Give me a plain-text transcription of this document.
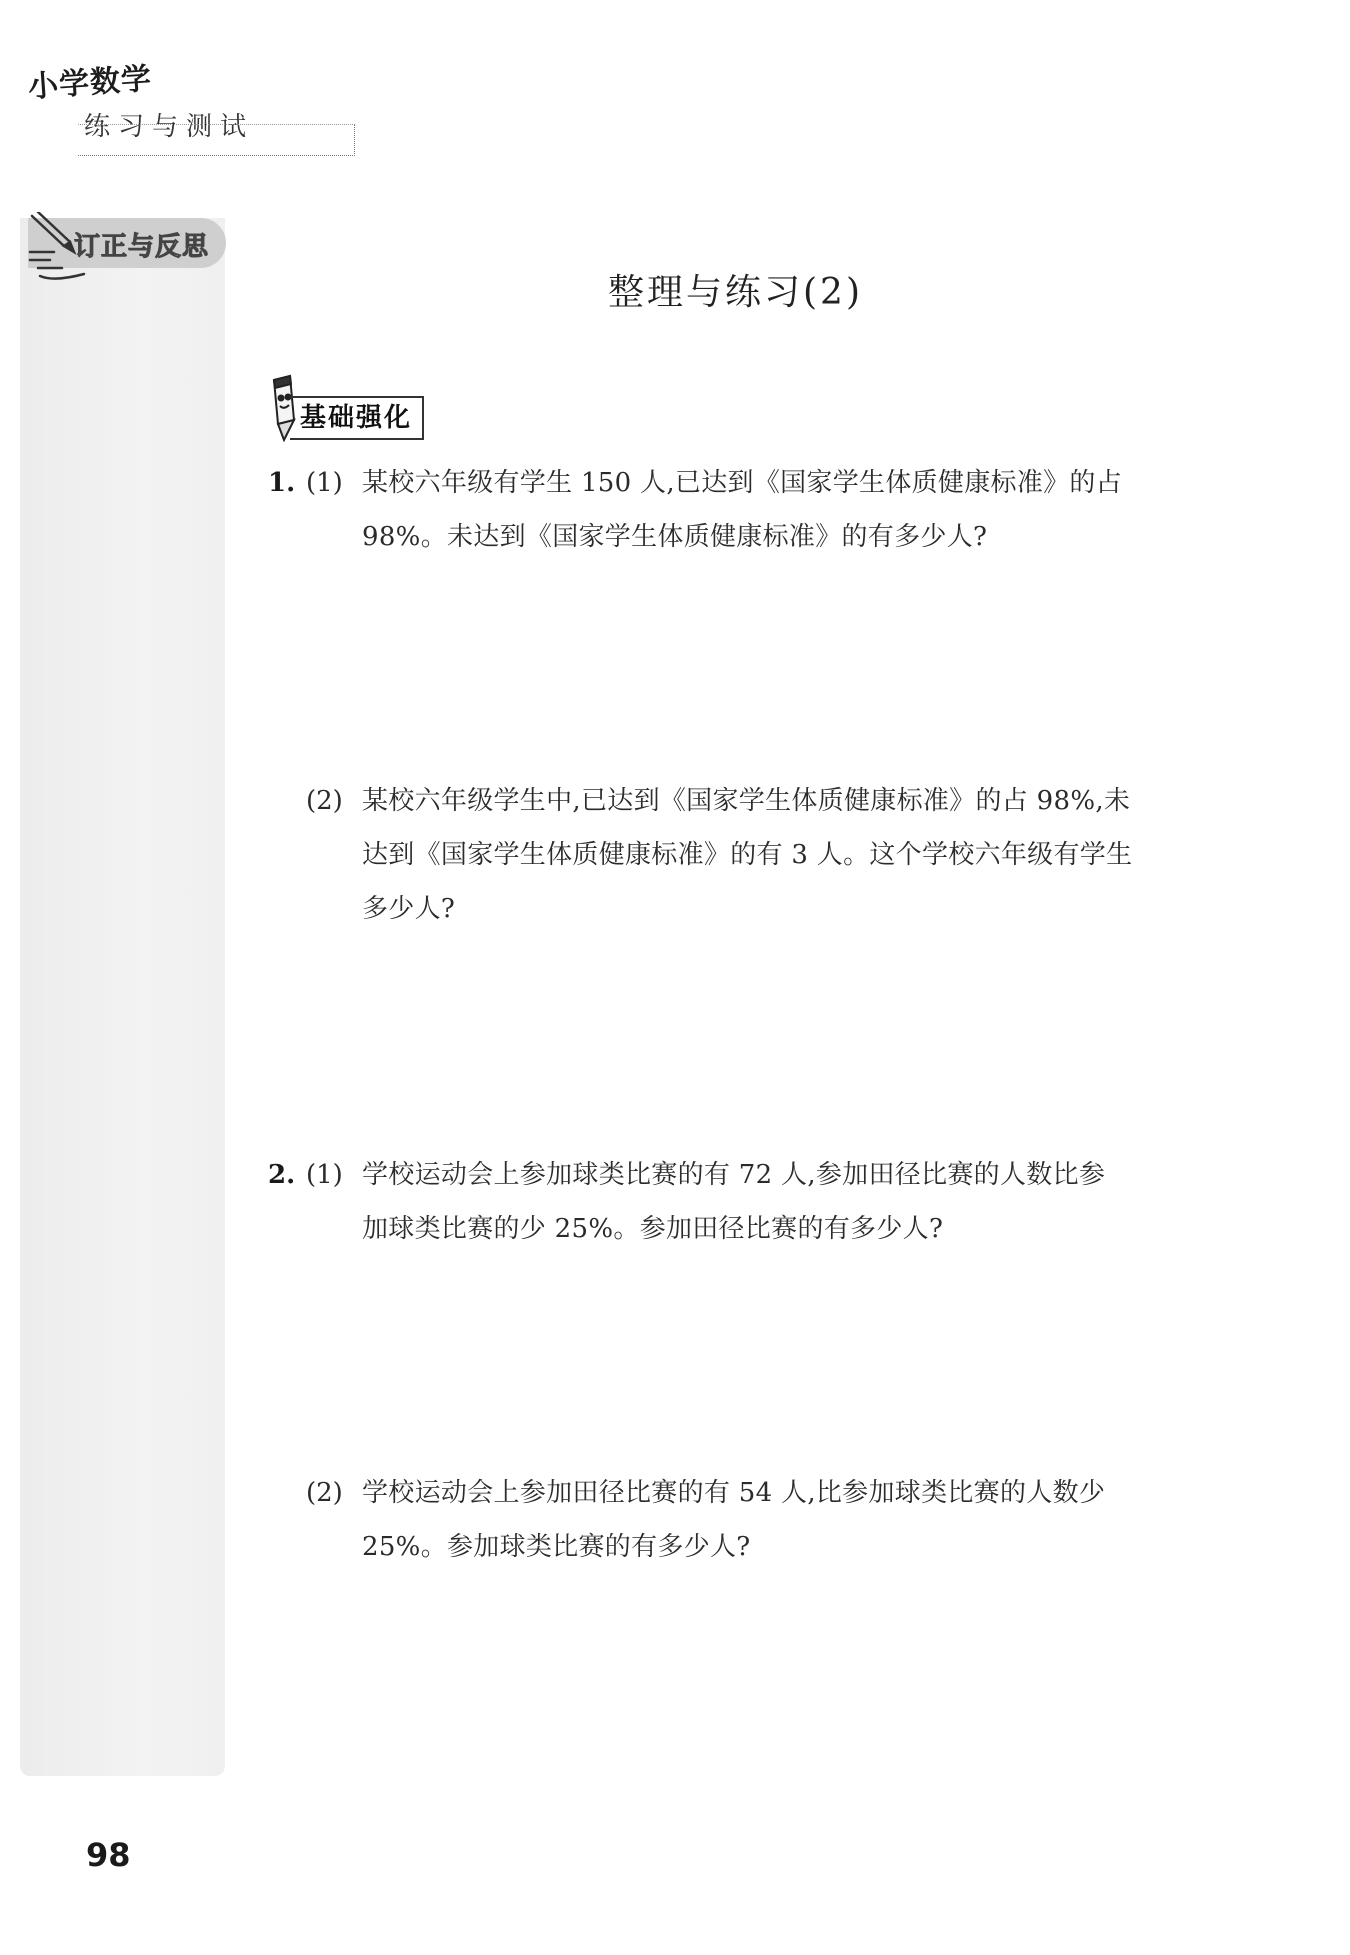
小学数学
练习与测试
订正与反思
整理与练习(2)
基础强化
1. (1) 某校六年级有学生 150 人,已达到《国家学生体质健康标准》的占
98%。未达到《国家学生体质健康标准》的有多少人?
(2) 某校六年级学生中,已达到《国家学生体质健康标准》的占 98%,未
达到《国家学生体质健康标准》的有 3 人。这个学校六年级有学生
多少人?
2. (1) 学校运动会上参加球类比赛的有 72 人,参加田径比赛的人数比参
加球类比赛的少 25%。参加田径比赛的有多少人?
(2) 学校运动会上参加田径比赛的有 54 人,比参加球类比赛的人数少
25%。参加球类比赛的有多少人?
98
